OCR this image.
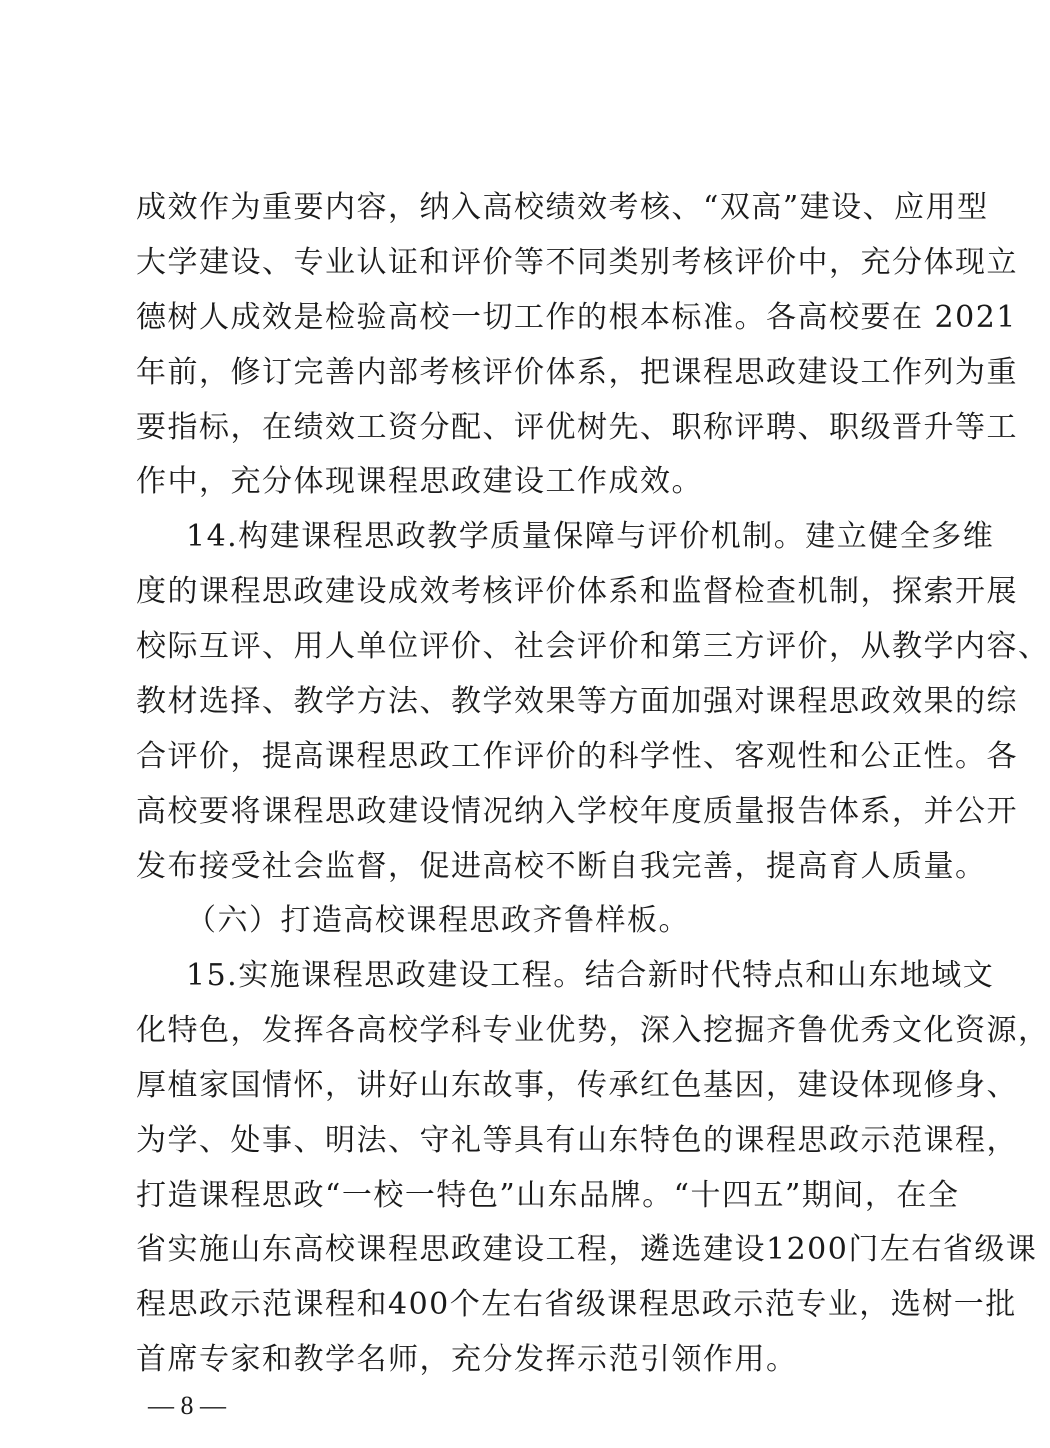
成效作为重要内容，纳入高校绩效考核、“双高”建设、应用型
大学建设、专业认证和评价等不同类别考核评价中，充分体现立
德树人成效是检验高校一切工作的根本标准。各高校要在 2021
年前，修订完善内部考核评价体系，把课程思政建设工作列为重
要指标，在绩效工资分配、评优树先、职称评聘、职级晋升等工
作中，充分体现课程思政建设工作成效。
14.构建课程思政教学质量保障与评价机制。建立健全多维
度的课程思政建设成效考核评价体系和监督检查机制，探索开展
校际互评、用人单位评价、社会评价和第三方评价，从教学内容、
教材选择、教学方法、教学效果等方面加强对课程思政效果的综
合评价，提高课程思政工作评价的科学性、客观性和公正性。各
高校要将课程思政建设情况纳入学校年度质量报告体系，并公开
发布接受社会监督，促进高校不断自我完善，提高育人质量。
（六）打造高校课程思政齐鲁样板。
15.实施课程思政建设工程。结合新时代特点和山东地域文
化特色，发挥各高校学科专业优势，深入挖掘齐鲁优秀文化资源，
厚植家国情怀，讲好山东故事，传承红色基因，建设体现修身、
为学、处事、明法、守礼等具有山东特色的课程思政示范课程，
打造课程思政“一校一特色”山东品牌。“十四五”期间，在全
省实施山东高校课程思政建设工程，遴选建设1200门左右省级课
程思政示范课程和400个左右省级课程思政示范专业，选树一批
首席专家和教学名师，充分发挥示范引领作用。
— 8 —
